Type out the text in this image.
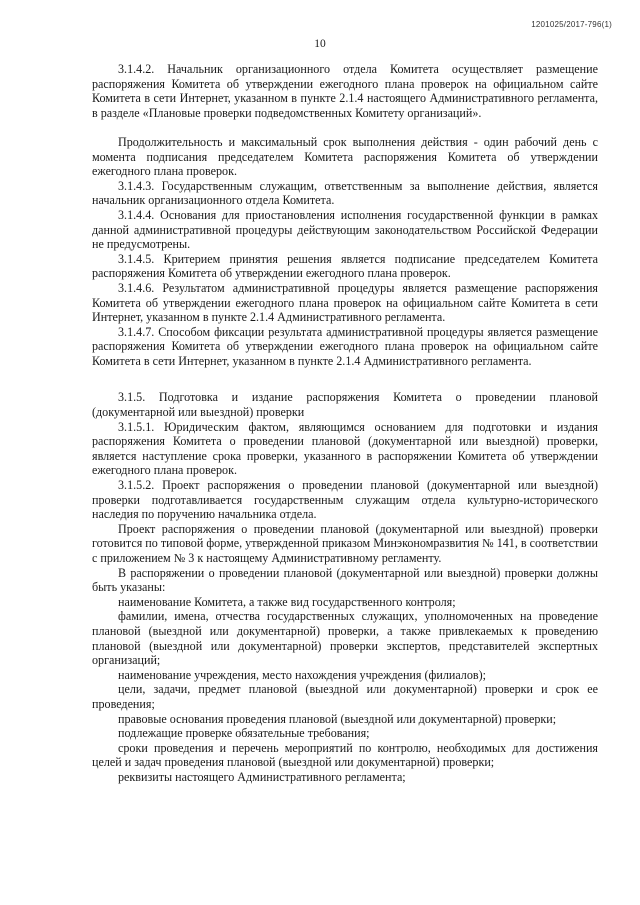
1201025/2017-796(1)
10

3.1.4.2. Начальник организационного отдела Комитета осуществляет размещение распоряжения Комитета об утверждении ежегодного плана проверок на официальном сайте Комитета в сети Интернет, указанном в пункте 2.1.4 настоящего Административного регламента, в разделе «Плановые проверки подведомственных Комитету организаций».

Продолжительность и максимальный срок выполнения действия - один рабочий день с момента подписания председателем Комитета распоряжения Комитета об утверждении ежегодного плана проверок.

3.1.4.3. Государственным служащим, ответственным за выполнение действия, является начальник организационного отдела Комитета.

3.1.4.4. Основания для приостановления исполнения государственной функции в рамках данной административной процедуры действующим законодательством Российской Федерации не предусмотрены.

3.1.4.5. Критерием принятия решения является подписание председателем Комитета распоряжения Комитета об утверждении ежегодного плана проверок.

3.1.4.6. Результатом административной процедуры является размещение распоряжения Комитета об утверждении ежегодного плана проверок на официальном сайте Комитета в сети Интернет, указанном в пункте 2.1.4 Административного регламента.

3.1.4.7. Способом фиксации результата административной процедуры является размещение распоряжения Комитета об утверждении ежегодного плана проверок на официальном сайте Комитета в сети Интернет, указанном в пункте 2.1.4 Административного регламента.

3.1.5. Подготовка и издание распоряжения Комитета о проведении плановой (документарной или выездной) проверки

3.1.5.1. Юридическим фактом, являющимся основанием для подготовки и издания распоряжения Комитета о проведении плановой (документарной или выездной) проверки, является наступление срока проверки, указанного в распоряжении Комитета об утверждении ежегодного плана проверок.

3.1.5.2. Проект распоряжения о проведении плановой (документарной или выездной) проверки подготавливается государственным служащим отдела культурно-исторического наследия по поручению начальника отдела.

Проект распоряжения о проведении плановой (документарной или выездной) проверки готовится по типовой форме, утвержденной приказом Минэкономразвития № 141, в соответствии с приложением № 3 к настоящему Административному регламенту.

В распоряжении о проведении плановой (документарной или выездной) проверки должны быть указаны:

наименование Комитета, а также вид государственного контроля;

фамилии, имена, отчества государственных служащих, уполномоченных на проведение плановой (выездной или документарной) проверки, а также привлекаемых к проведению плановой (выездной или документарной) проверки экспертов, представителей экспертных организаций;

наименование учреждения, место нахождения учреждения (филиалов);

цели, задачи, предмет плановой (выездной или документарной) проверки и срок ее проведения;

правовые основания проведения плановой (выездной или документарной) проверки;

подлежащие проверке обязательные требования;

сроки проведения и перечень мероприятий по контролю, необходимых для достижения целей и задач проведения плановой (выездной или документарной) проверки;

реквизиты настоящего Административного регламента;
